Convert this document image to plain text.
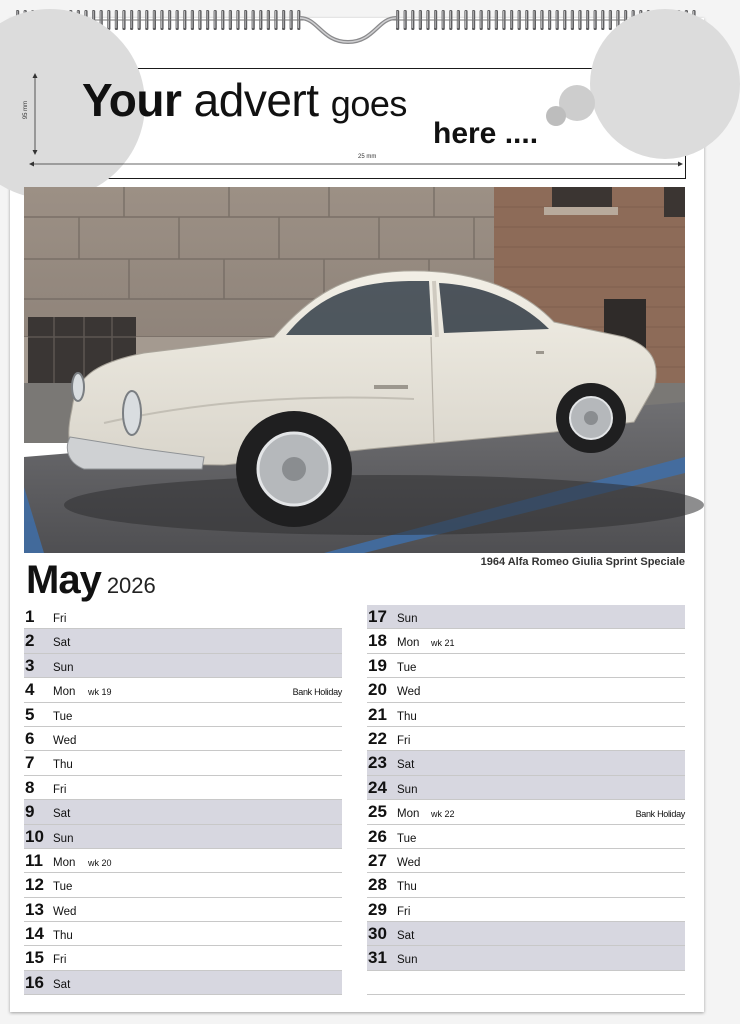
Your advert goes
here ....
95 mm
25 mm
1964 Alfa Romeo Giulia Sprint Speciale
May 2026
1 Fri
2 Sat
3 Sun
4 Mon wk 19	Bank Holiday
5 Tue
6 Wed
7 Thu
8 Fri
9 Sat
10 Sun
11 Mon wk 20
12 Tue
13 Wed
14 Thu
15 Fri
16 Sat
17 Sun
18 Mon wk 21
19 Tue
20 Wed
21 Thu
22 Fri
23 Sat
24 Sun
25 Mon wk 22	Bank Holiday
26 Tue
27 Wed
28 Thu
29 Fri
30 Sat
31 Sun
